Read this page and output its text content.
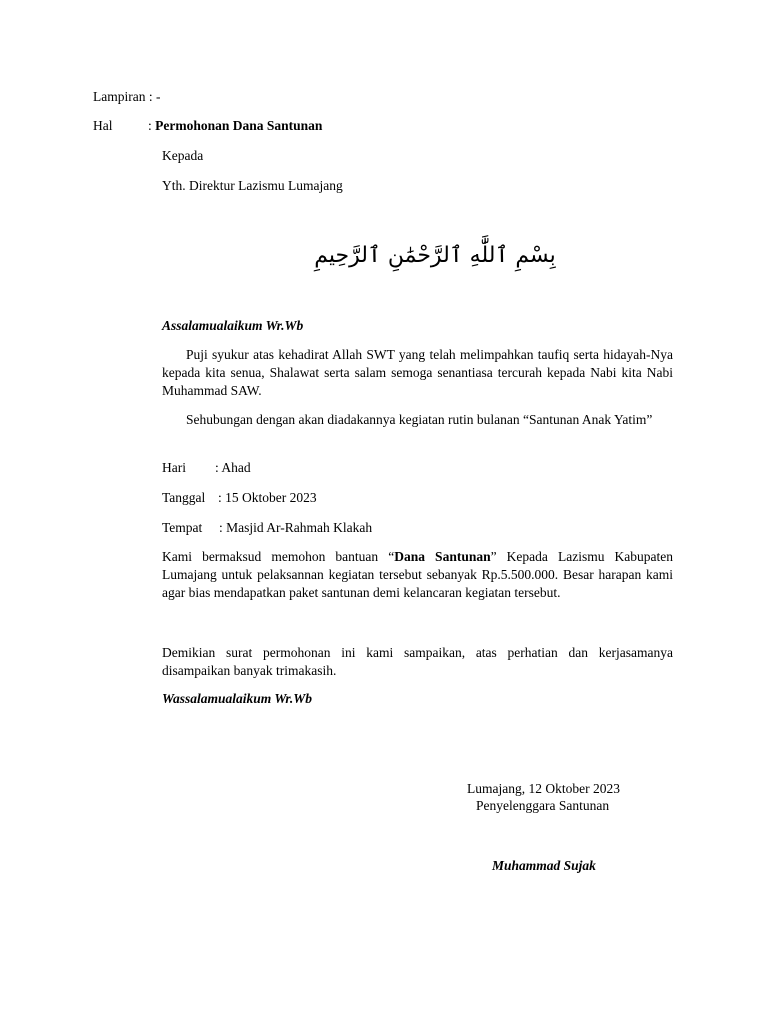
Lampiran : -
Hal	: Permohonan Dana Santunan
Kepada
Yth. Direktur Lazismu Lumajang
بِسْمِ ٱللَّٰهِ ٱلرَّحْمَٰنِ ٱلرَّحِيمِ
Assalamualaikum Wr.Wb
Puji syukur atas kehadirat Allah SWT yang telah melimpahkan taufiq serta hidayah-Nya kepada kita senua, Shalawat serta salam semoga senantiasa tercurah kepada Nabi kita Nabi Muhammad SAW.
Sehubungan dengan akan diadakannya kegiatan rutin bulanan “Santunan Anak Yatim”
Hari : Ahad
Tanggal : 15 Oktober 2023
Tempat : Masjid Ar-Rahmah Klakah
Kami bermaksud memohon bantuan “Dana Santunan” Kepada Lazismu Kabupaten Lumajang untuk pelaksannan kegiatan tersebut sebanyak Rp.5.500.000. Besar harapan kami agar bias mendapatkan paket santunan demi kelancaran kegiatan tersebut.
Demikian surat permohonan ini kami sampaikan, atas perhatian dan kerjasamanya disampaikan banyak trimakasih.
Wassalamualaikum Wr.Wb
Lumajang, 12 Oktober 2023
Penyelenggara Santunan
Muhammad Sujak
